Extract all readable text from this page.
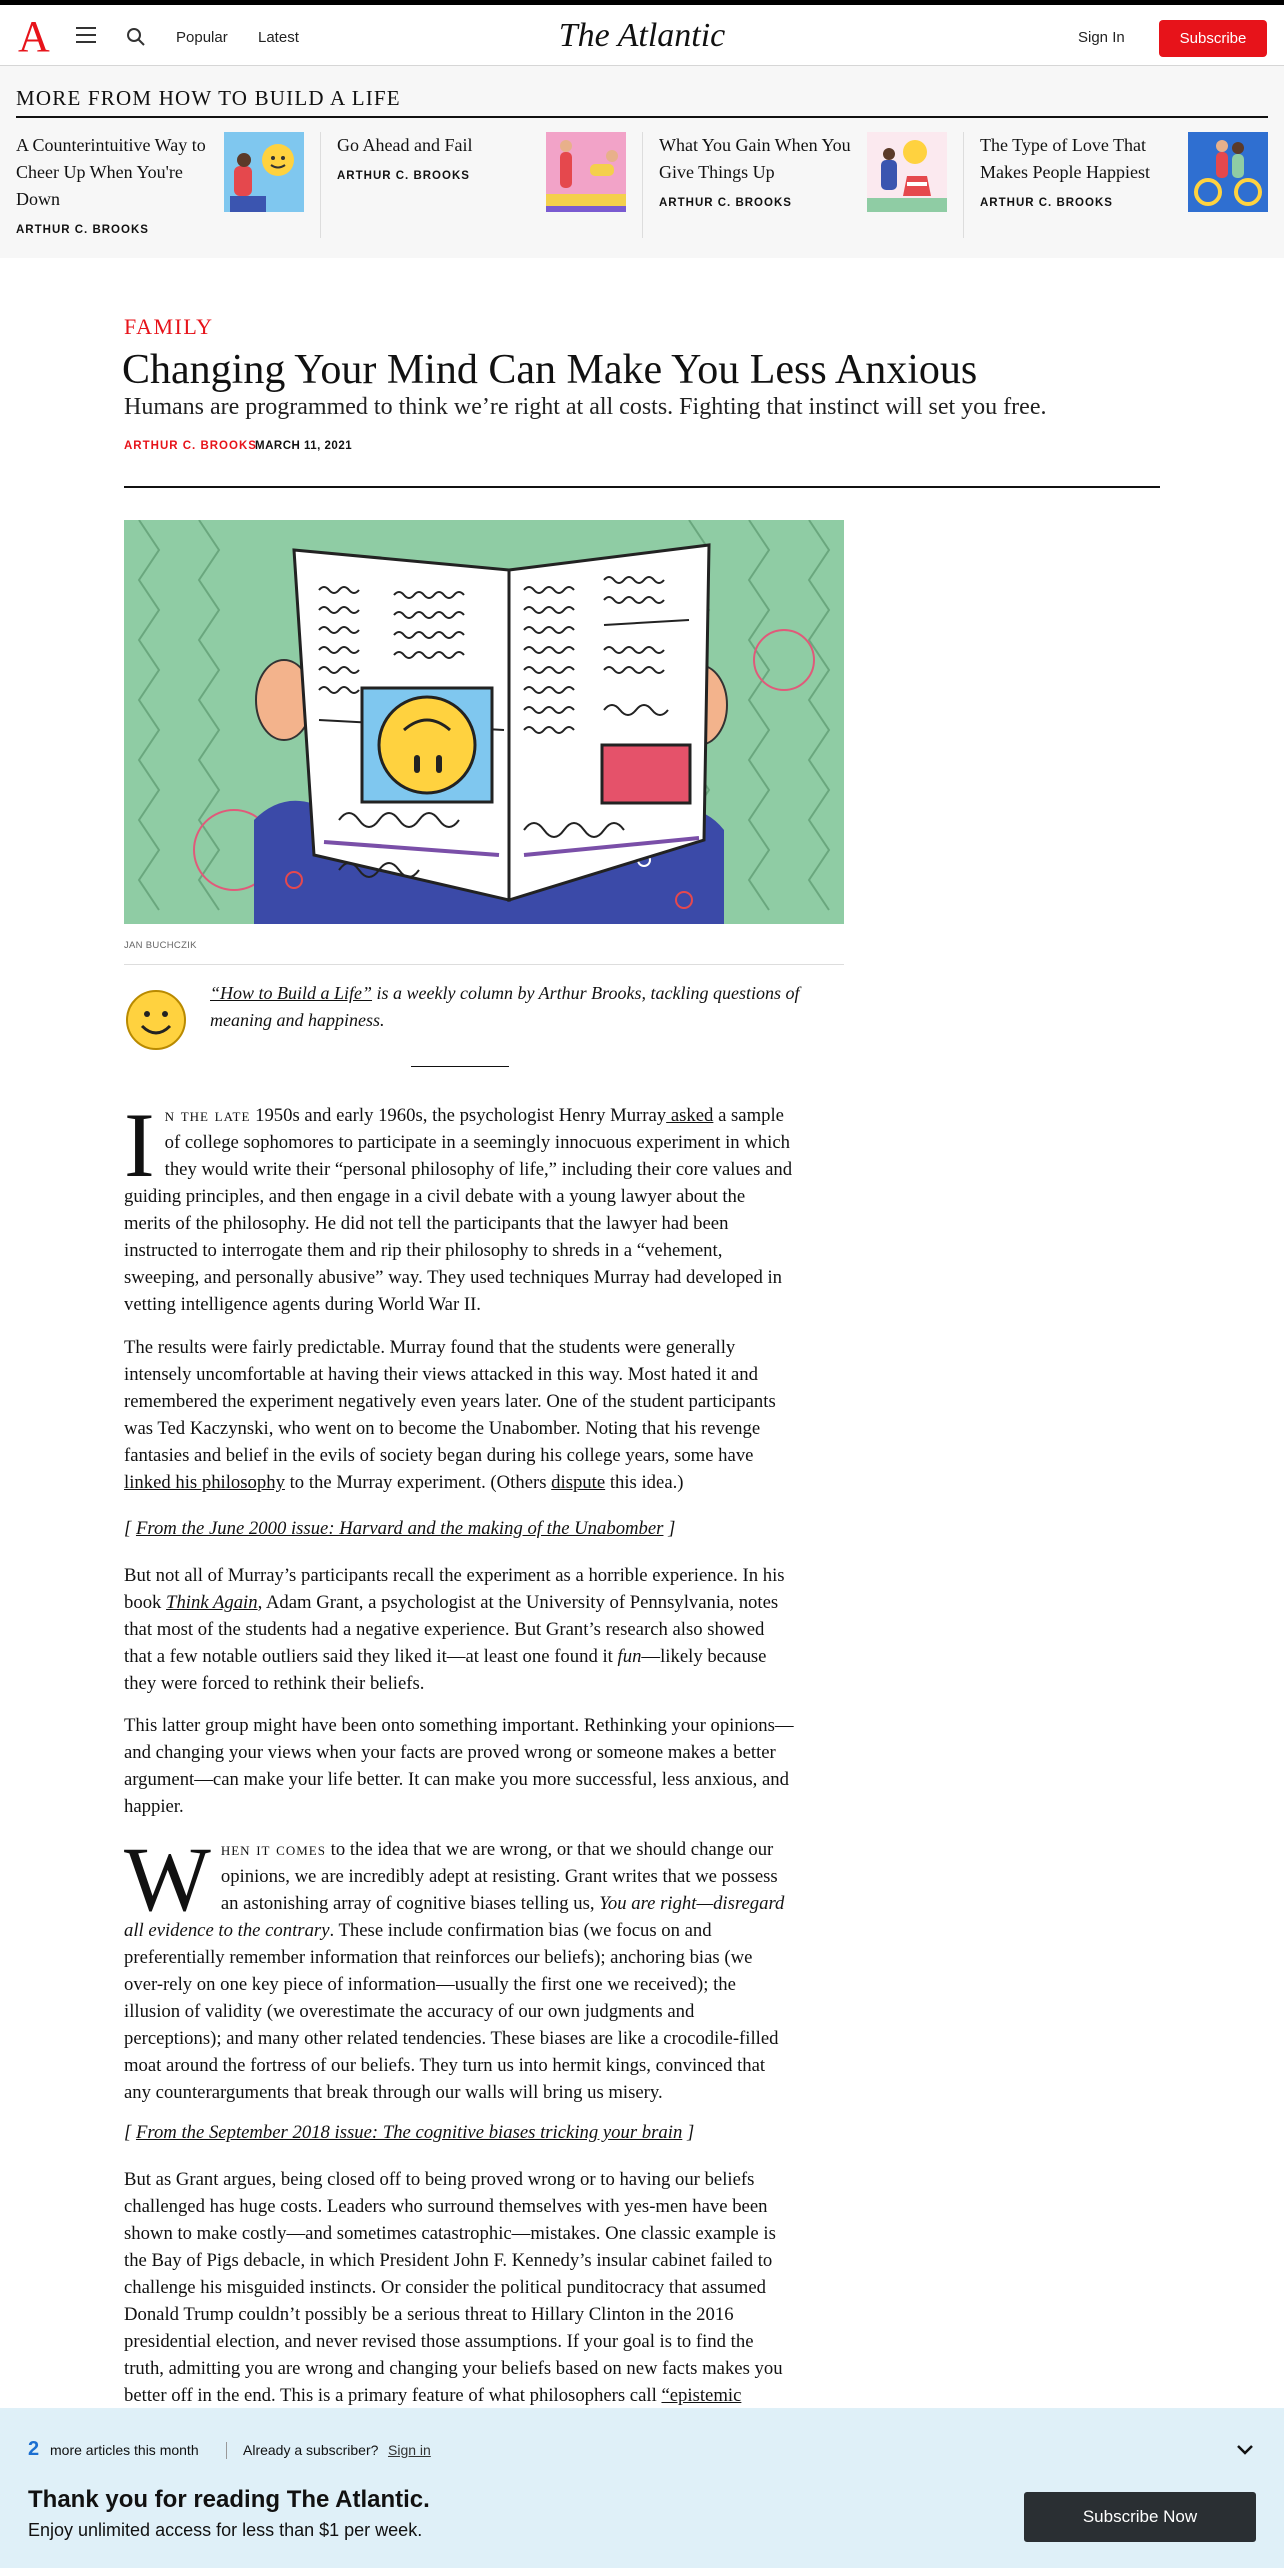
A	Popular Latest	The Atlantic	Sign In	Subscribe
MORE FROM HOW TO BUILD A LIFE
A Counterintuitive Way to Cheer Up When You're Down
ARTHUR C. BROOKS
Go Ahead and Fail
ARTHUR C. BROOKS
What You Gain When You Give Things Up
ARTHUR C. BROOKS
The Type of Love That Makes People Happiest
ARTHUR C. BROOKS
FAMILY
Changing Your Mind Can Make You Less Anxious
Humans are programmed to think we’re right at all costs. Fighting that instinct will set you free.
ARTHUR C. BROOKS
MARCH 11, 2021
JAN BUCHCZIK
“How to Build a Life” is a weekly column by Arthur Brooks, tackling questions of meaning and happiness.

In the late 1950s and early 1960s, the psychologist Henry Murray asked a sample of college sophomores to participate in a seemingly innocuous experiment in which they would write their “personal philosophy of life,” including their core values and guiding principles, and then engage in a civil debate with a young lawyer about the merits of the philosophy. He did not tell the participants that the lawyer had been instructed to interrogate them and rip their philosophy to shreds in a “vehement, sweeping, and personally abusive” way. They used techniques Murray had developed in vetting intelligence agents during World War II.

The results were fairly predictable. Murray found that the students were generally intensely uncomfortable at having their views attacked in this way. Most hated it and remembered the experiment negatively even years later. One of the student participants was Ted Kaczynski, who went on to become the Unabomber. Noting that his revenge fantasies and belief in the evils of society began during his college years, some have linked his philosophy to the Murray experiment. (Others dispute this idea.)

[ From the June 2000 issue: Harvard and the making of the Unabomber ]

But not all of Murray’s participants recall the experiment as a horrible experience. In his book Think Again, Adam Grant, a psychologist at the University of Pennsylvania, notes that most of the students had a negative experience. But Grant’s research also showed that a few notable outliers said they liked it—at least one found it fun—likely because they were forced to rethink their beliefs.

This latter group might have been onto something important. Rethinking your opinions—and changing your views when your facts are proved wrong or someone makes a better argument—can make your life better. It can make you more successful, less anxious, and happier.

When it comes to the idea that we are wrong, or that we should change our opinions, we are incredibly adept at resisting. Grant writes that we possess an astonishing array of cognitive biases telling us, You are right—disregard all evidence to the contrary. These include confirmation bias (we focus on and preferentially remember information that reinforces our beliefs); anchoring bias (we over-rely on one key piece of information—usually the first one we received); the illusion of validity (we overestimate the accuracy of our own judgments and perceptions); and many other related tendencies. These biases are like a crocodile-filled moat around the fortress of our beliefs. They turn us into hermit kings, convinced that any counterarguments that break through our walls will bring us misery.

[ From the September 2018 issue: The cognitive biases tricking your brain ]

But as Grant argues, being closed off to being proved wrong or to having our beliefs challenged has huge costs. Leaders who surround themselves with yes-men have been shown to make costly—and sometimes catastrophic—mistakes. One classic example is the Bay of Pigs debacle, in which President John F. Kennedy’s insular cabinet failed to challenge his misguided instincts. Or consider the political punditocracy that assumed Donald Trump couldn’t possibly be a serious threat to Hillary Clinton in the 2016 presidential election, and never revised those assumptions. If your goal is to find the truth, admitting you are wrong and changing your beliefs based on new facts makes you better off in the end. This is a primary feature of what philosophers call “epistemic

2 more articles this month	Already a subscriber? Sign in
Thank you for reading The Atlantic.
Enjoy unlimited access for less than $1 per week.
Subscribe Now
